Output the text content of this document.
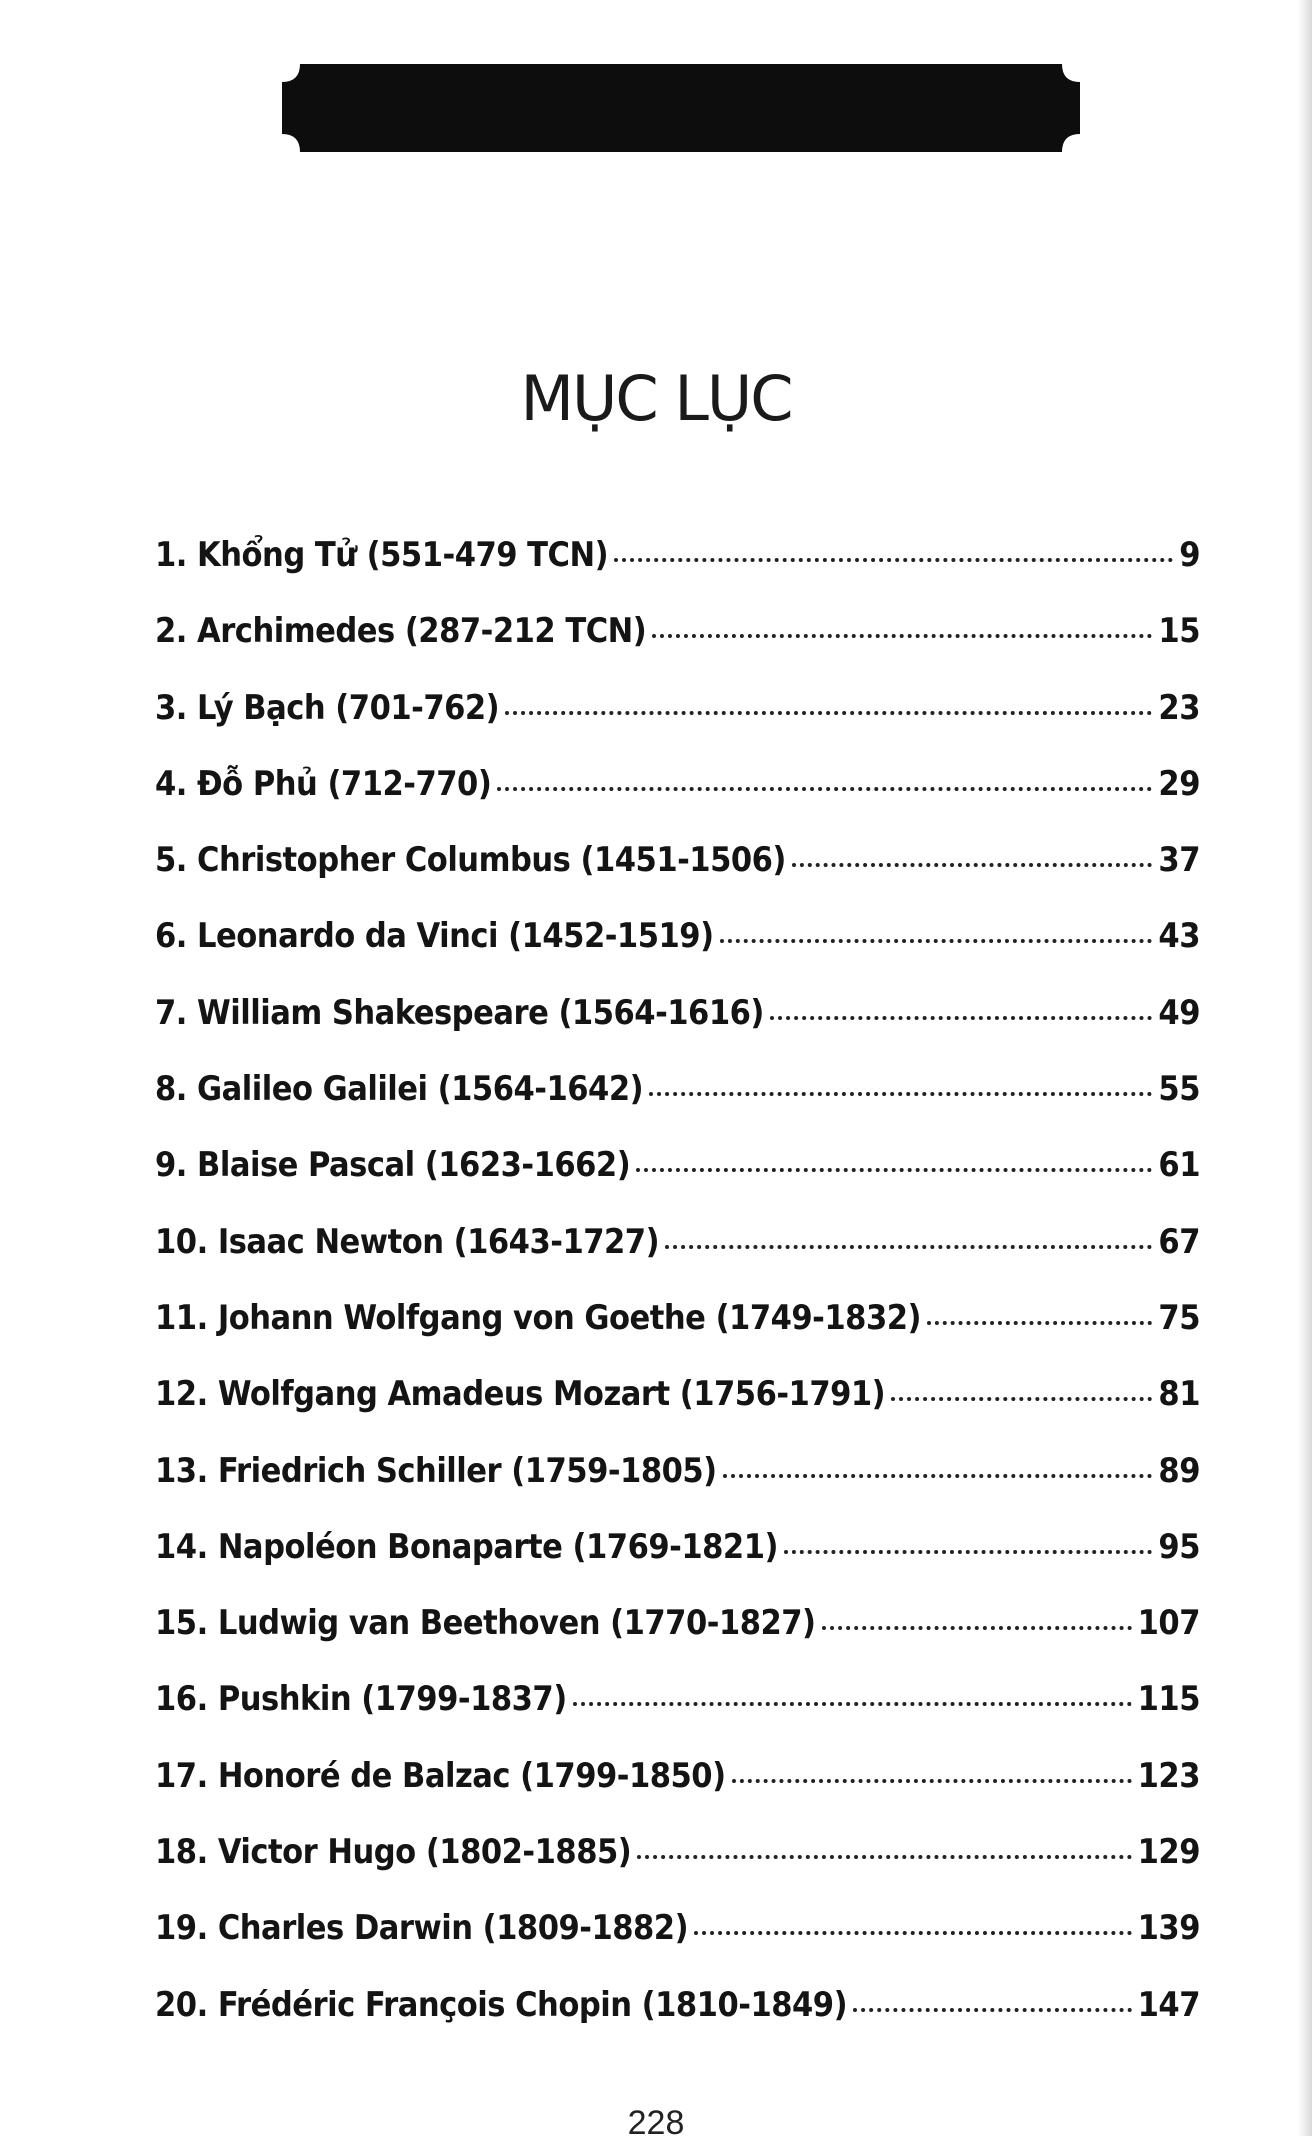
MỤC LỤC
1. Khổng Tử (551-479 TCN)	9
2. Archimedes (287-212 TCN)	15
3. Lý Bạch (701-762)	23
4. Đỗ Phủ (712-770)	29
5. Christopher Columbus (1451-1506)	37
6. Leonardo da Vinci (1452-1519)	43
7. William Shakespeare (1564-1616)	49
8. Galileo Galilei (1564-1642)	55
9. Blaise Pascal (1623-1662)	61
10. Isaac Newton (1643-1727)	67
11. Johann Wolfgang von Goethe (1749-1832)	75
12. Wolfgang Amadeus Mozart (1756-1791)	81
13. Friedrich Schiller (1759-1805)	89
14. Napoléon Bonaparte (1769-1821)	95
15. Ludwig van Beethoven (1770-1827)	107
16. Pushkin (1799-1837)	115
17. Honoré de Balzac (1799-1850)	123
18. Victor Hugo (1802-1885)	129
19. Charles Darwin (1809-1882)	139
20. Frédéric François Chopin (1810-1849)	147
228
